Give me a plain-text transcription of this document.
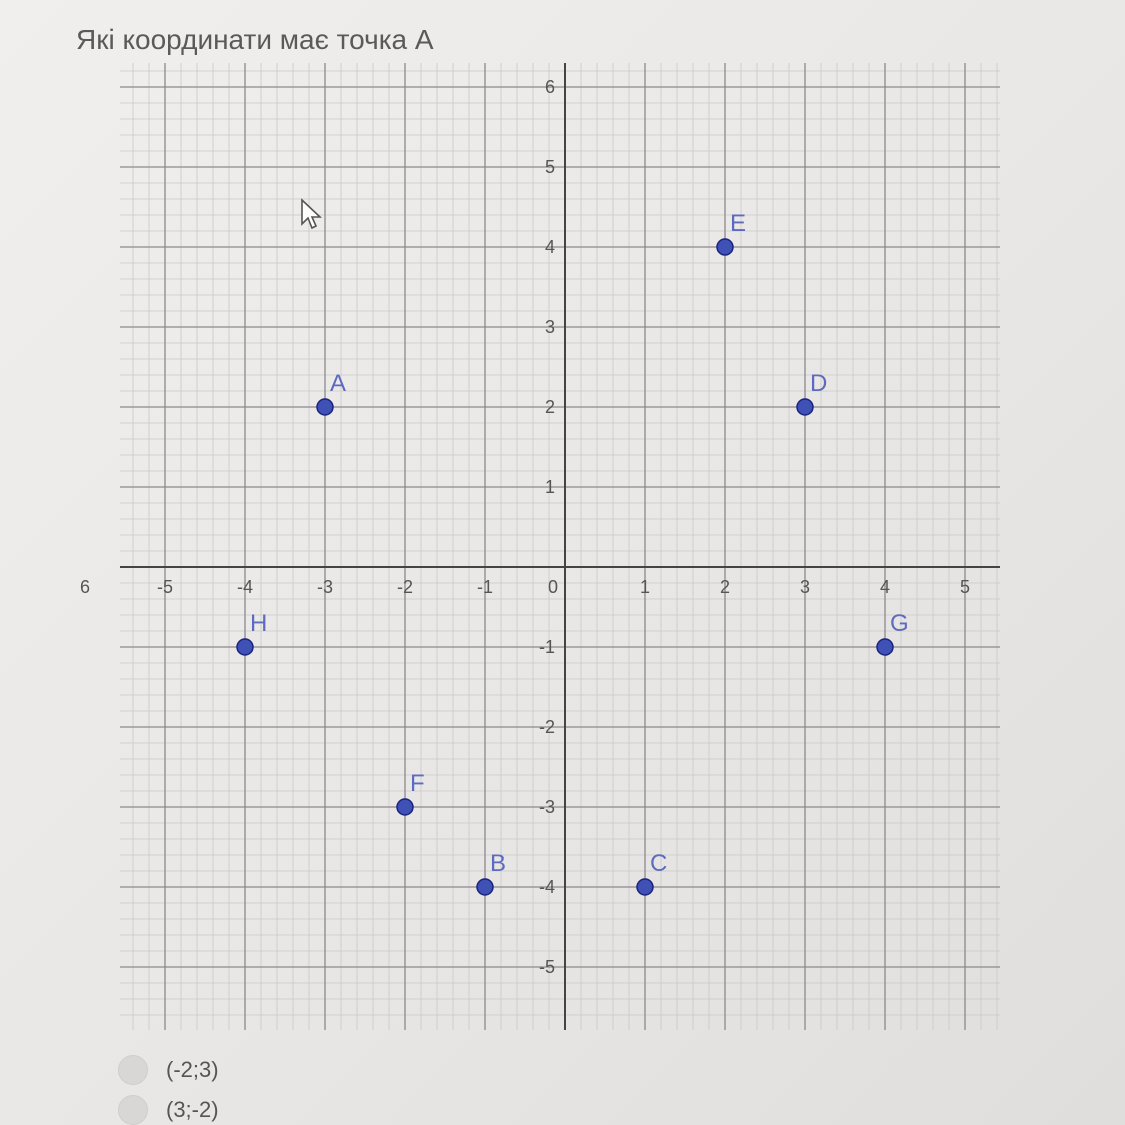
Які координати має точка A
6	-5	-4	-3	-2	-1	0	1	2	3	4	5
6
5
4
3
2
1
-1
-2
-3
-4
-5
A
B	C
D
E
F
G
H
(-2;3)
(3;-2)
